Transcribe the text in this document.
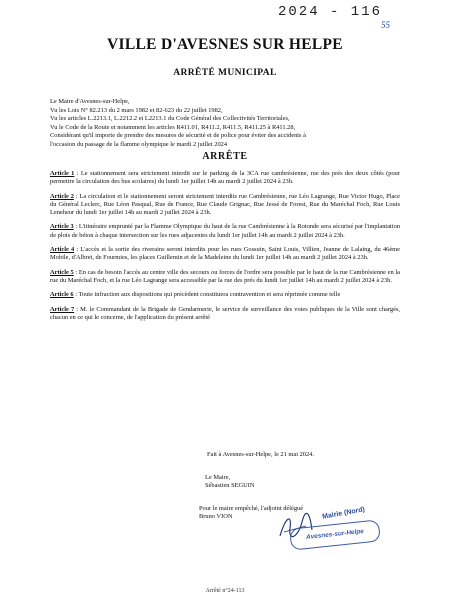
2024 - 116
55
VILLE D'AVESNES SUR HELPE
ARRÊTÉ MUNICIPAL
Le Maire d'Avesnes-sur-Helpe,
Vu les Lois N° 82.213 du 2 mars 1982 et 82-623 du 22 juillet 1982,
Vu les articles L.2213.1, L.2212.2 et L2213.1 du Code Général des Collectivités Territoriales,
Vu le Code de la Route et notamment les articles R411.01, R411.2, R411.5, R411.25 à R411.28,
Considérant qu'il importe de prendre des mesures de sécurité et de police pour éviter des accidents à
l'occasion du passage de la flamme olympique le mardi 2 juillet 2024
ARRÊTE
Article 1 : Le stationnement sera strictement interdit sur le parking de la 3CA rue cambrésienne, rue des prés des deux côtés (pour permettre la circulation des bus scolaires) du lundi 1er juillet 14h au mardi 2 juillet 2024 à 23h.
Article 2 : La circulation et le stationnement seront strictement interdits rue Cambrésienne, rue Léo Lagrange, Rue Victor Hugo, Place du Général Leclerc, Rue Léon Pasqual, Rue de France, Rue Claude Grignac, Rue Jessé de Forest, Rue du Maréchal Foch, Rue Louis Leneheur du lundi 1er juillet 14h au mardi 2 juillet 2024 à 23h.
Article 3 : L'itinéraire emprunté par la Flamme Olympique du haut de la rue Cambrésienne à la Rotonde sera sécurisé par l'implantation de plots de béton à chaque intersection sur les rues adjacentes du lundi 1er juillet 14h au mardi 2 juillet 2024 à 23h.
Article 4 : L'accès et la sortie des riverains seront interdits pour les rues Gossuin, Saint Louis, Villien, Jeanne de Lalaing, du 46ème Mobile, d'Albret, de Fourmies, les places Guillemin et de la Madeleine du lundi 1er juillet 14h au mardi 2 juillet 2024 à 23h.
Article 5 : En cas de besoin l'accès au centre ville des secours ou forces de l'ordre sera possible par le haut de la rue Cambrésienne en la rue du Maréchal Foch, et la rue Léo Lagrange sera accessible par la rue des prés du lundi 1er juillet 14h au mardi 2 juillet 2024 à 23h.
Article 6 : Toute infraction aux dispositions qui précèdent constituera contravention et sera réprimée comme telle
Article 7 : M. le Commandant de la Brigade de Gendarmerie, le service de surveillance des voies publiques de la Ville sont chargés, chacun en ce qui le concerne, de l'application du présent arrêté
Fait à Avesnes-sur-Helpe, le 21 mai 2024.
Le Maire,
Sébastien SEGUIN
Pour le maire empêché, l'adjoint délégué
Bruno VION	Mairie (Nord)
Avesnes-sur-Helpe
Arrêté n°24-113
